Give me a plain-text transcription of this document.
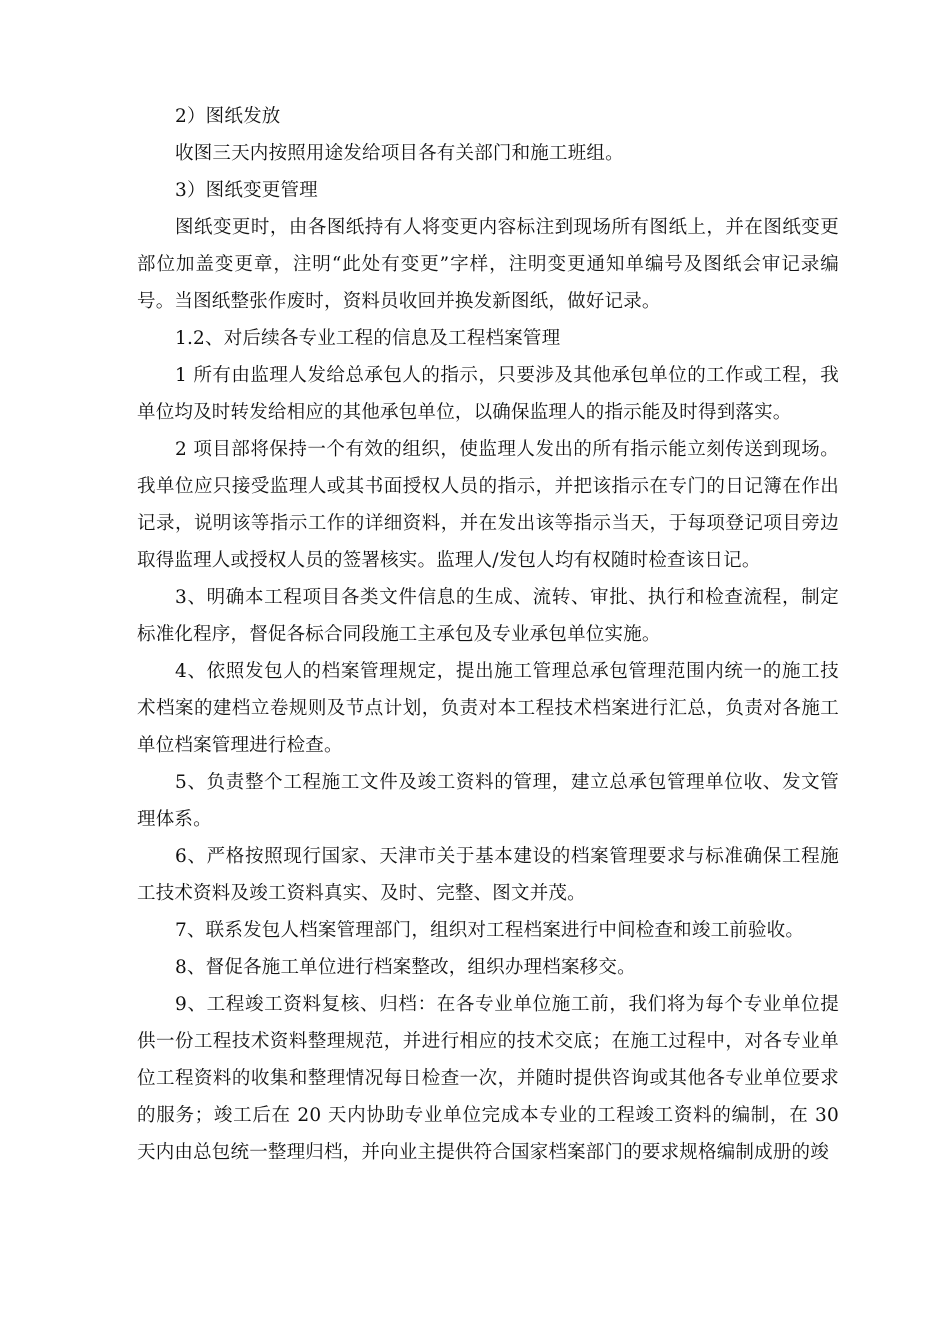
2）图纸发放

收图三天内按照用途发给项目各有关部门和施工班组。

3）图纸变更管理

图纸变更时，由各图纸持有人将变更内容标注到现场所有图纸上，并在图纸变更部位加盖变更章，注明“此处有变更”字样，注明变更通知单编号及图纸会审记录编号。当图纸整张作废时，资料员收回并换发新图纸，做好记录。

1.2、对后续各专业工程的信息及工程档案管理

1 所有由监理人发给总承包人的指示，只要涉及其他承包单位的工作或工程，我单位均及时转发给相应的其他承包单位，以确保监理人的指示能及时得到落实。

2 项目部将保持一个有效的组织，使监理人发出的所有指示能立刻传送到现场。我单位应只接受监理人或其书面授权人员的指示，并把该指示在专门的日记簿在作出记录，说明该等指示工作的详细资料，并在发出该等指示当天，于每项登记项目旁边取得监理人或授权人员的签署核实。监理人/发包人均有权随时检查该日记。

3、明确本工程项目各类文件信息的生成、流转、审批、执行和检查流程，制定标准化程序，督促各标合同段施工主承包及专业承包单位实施。

4、依照发包人的档案管理规定，提出施工管理总承包管理范围内统一的施工技术档案的建档立卷规则及节点计划，负责对本工程技术档案进行汇总，负责对各施工单位档案管理进行检查。

5、负责整个工程施工文件及竣工资料的管理，建立总承包管理单位收、发文管理体系。

6、严格按照现行国家、天津市关于基本建设的档案管理要求与标准确保工程施工技术资料及竣工资料真实、及时、完整、图文并茂。

7、联系发包人档案管理部门，组织对工程档案进行中间检查和竣工前验收。

8、督促各施工单位进行档案整改，组织办理档案移交。

9、工程竣工资料复核、归档：在各专业单位施工前，我们将为每个专业单位提供一份工程技术资料整理规范，并进行相应的技术交底；在施工过程中，对各专业单位工程资料的收集和整理情况每日检查一次，并随时提供咨询或其他各专业单位要求的服务；竣工后在 20 天内协助专业单位完成本专业的工程竣工资料的编制，在 30 天内由总包统一整理归档，并向业主提供符合国家档案部门的要求规格编制成册的竣
